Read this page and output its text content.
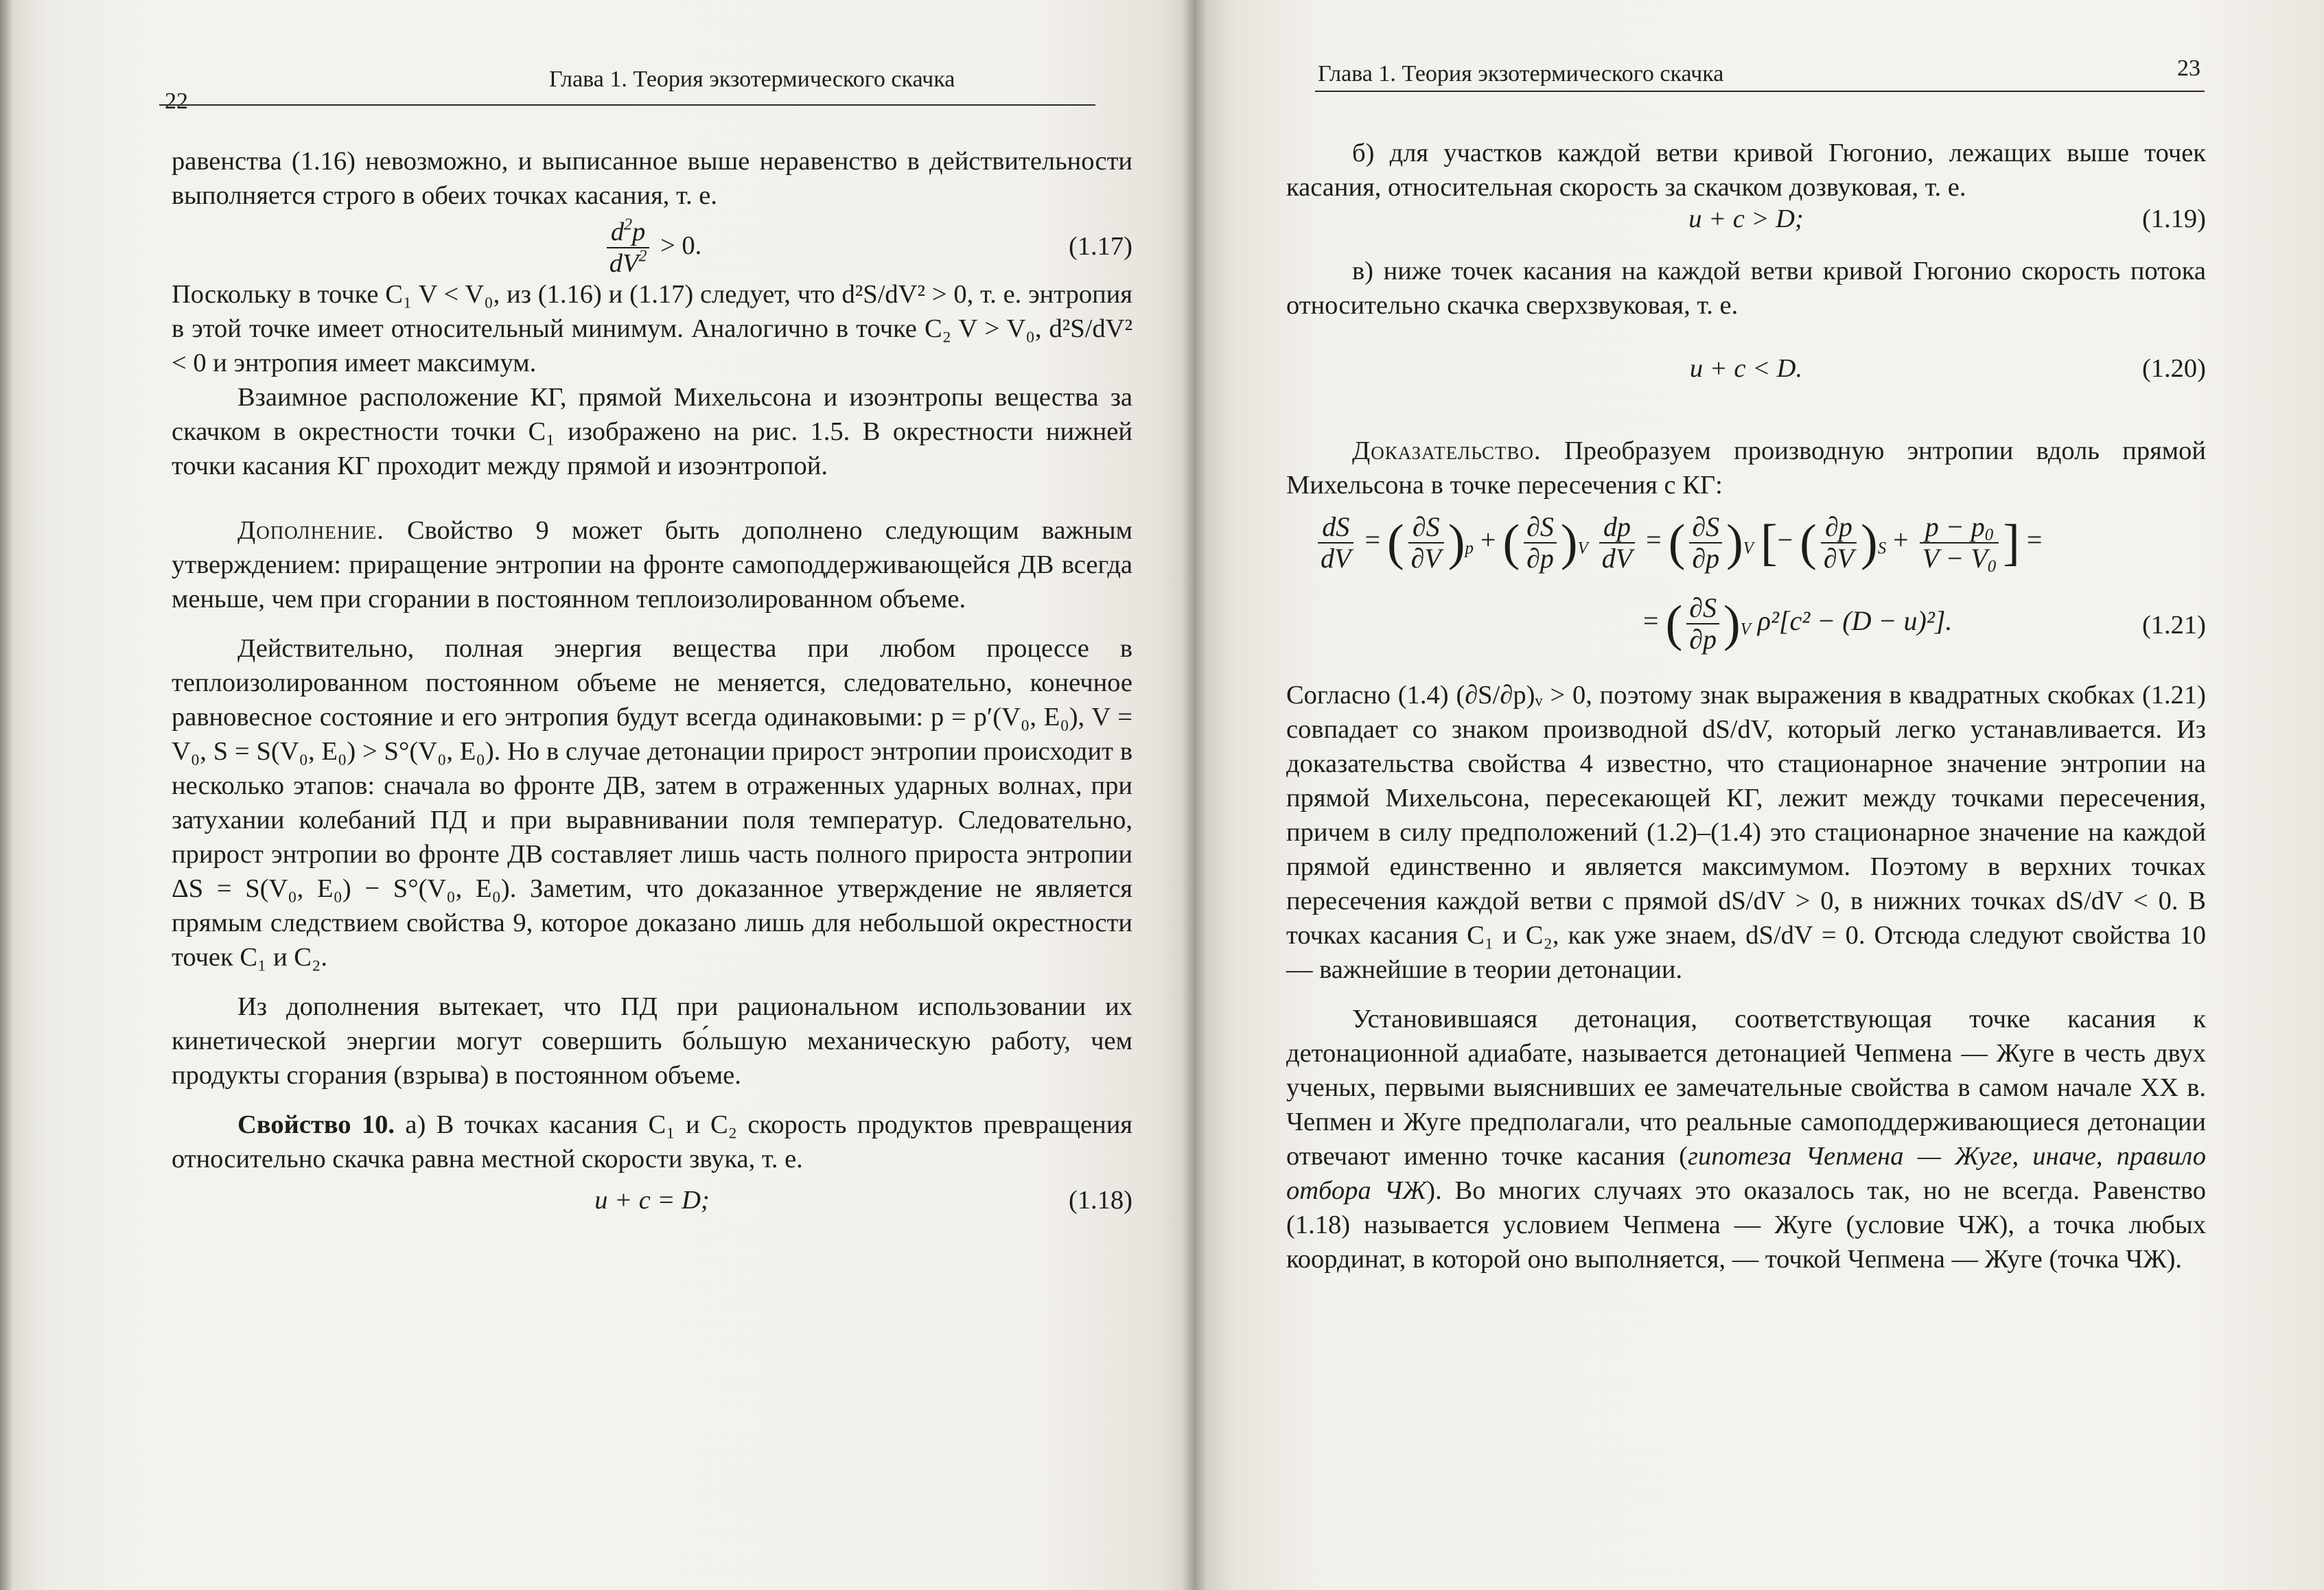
22
Глава 1. Теория экзотермического скачка

равенства (1.16) невозможно, и выписанное выше неравенство в действительности выполняется строго в обеих точках касания, т. е.

$\frac{d^2p}{dV^2} > 0$.	(1.17)

Поскольку в точке C₁ V < V₀, из (1.16) и (1.17) следует, что d²S/dV² > 0, т. е. энтропия в этой точке имеет относительный минимум. Аналогично в точке C₂ V > V₀, d²S/dV² < 0 и энтропия имеет максимум.

Взаимное расположение КГ, прямой Михельсона и изоэнтропы вещества за скачком в окрестности точки C₁ изображено на рис. 1.5. В окрестности нижней точки касания КГ проходит между прямой и изоэнтропой.

Дополнение. Свойство 9 может быть дополнено следующим важным утверждением: приращение энтропии на фронте самоподдерживающейся ДВ всегда меньше, чем при сгорании в постоянном теплоизолированном объеме.

Действительно, полная энергия вещества при любом процессе в теплоизолированном постоянном объеме не меняется, следовательно, конечное равновесное состояние и его энтропия будут всегда одинаковыми: p = p′(V₀, E₀), V = V₀, S = S(V₀, E₀) > S°(V₀, E₀). Но в случае детонации прирост энтропии происходит в несколько этапов: сначала во фронте ДВ, затем в отраженных ударных волнах, при затухании колебаний ПД и при выравнивании поля температур. Следовательно, прирост энтропии во фронте ДВ составляет лишь часть полного прироста энтропии ΔS = S(V₀, E₀) − S°(V₀, E₀). Заметим, что доказанное утверждение не является прямым следствием свойства 9, которое доказано лишь для небольшой окрестности точек C₁ и C₂.

Из дополнения вытекает, что ПД при рациональном использовании их кинетической энергии могут совершить бо́льшую механическую работу, чем продукты сгорания (взрыва) в постоянном объеме.

Свойство 10. а) В точках касания C₁ и C₂ скорость продуктов превращения относительно скачка равна местной скорости звука, т. е.

u + c = D;	(1.18)
Глава 1. Теория экзотермического скачка	23

б) для участков каждой ветви кривой Гюгонио, лежащих выше точек касания, относительная скорость за скачком дозвуковая, т. е.

u + c > D;	(1.19)

в) ниже точек касания на каждой ветви кривой Гюгонио скорость потока относительно скачка сверхзвуковая, т. е.

u + c < D.	(1.20)

Доказательство. Преобразуем производную энтропии вдоль прямой Михельсона в точке пересечения с КГ:

$\frac{dS}{dV}$ = ( $\frac{\partial S}{\partial V} )_p$ + ( $\frac{\partial S}{\partial p} )_V \frac{dp}{dV}$ = ( $\frac{\partial S}{\partial p} )_V$ [− ( $\frac{\partial p}{\partial V} )_S + \frac{p - p_0}{V - V_0}$ ] =
= ( $\frac{\partial S}{\partial p} )_V$ ρ²[c² − (D − u)²].	(1.21)

Согласно (1.4) (∂S/∂p)ᵥ > 0, поэтому знак выражения в квадратных скобках (1.21) совпадает со знаком производной dS/dV, который легко устанавливается. Из доказательства свойства 4 известно, что стационарное значение энтропии на прямой Михельсона, пересекающей КГ, лежит между точками пересечения, причем в силу предположений (1.2)–(1.4) это стационарное значение на каждой прямой единственно и является максимумом. Поэтому в верхних точках пересечения каждой ветви с прямой dS/dV > 0, в нижних точках dS/dV < 0. В точках касания C₁ и C₂, как уже знаем, dS/dV = 0. Отсюда следуют свойства 10 — важнейшие в теории детонации.

Установившаяся детонация, соответствующая точке касания к детонационной адиабате, называется детонацией Чепмена — Жуге в честь двух ученых, первыми выяснивших ее замечательные свойства в самом начале XX в. Чепмен и Жуге предполагали, что реальные самоподдерживающиеся детонации отвечают именно точке касания (гипотеза Чепмена — Жуге, иначе, правило отбора ЧЖ). Во многих случаях это оказалось так, но не всегда. Равенство (1.18) называется условием Чепмена — Жуге (условие ЧЖ), а точка любых координат, в которой оно выполняется, — точкой Чепмена — Жуге (точка ЧЖ).
